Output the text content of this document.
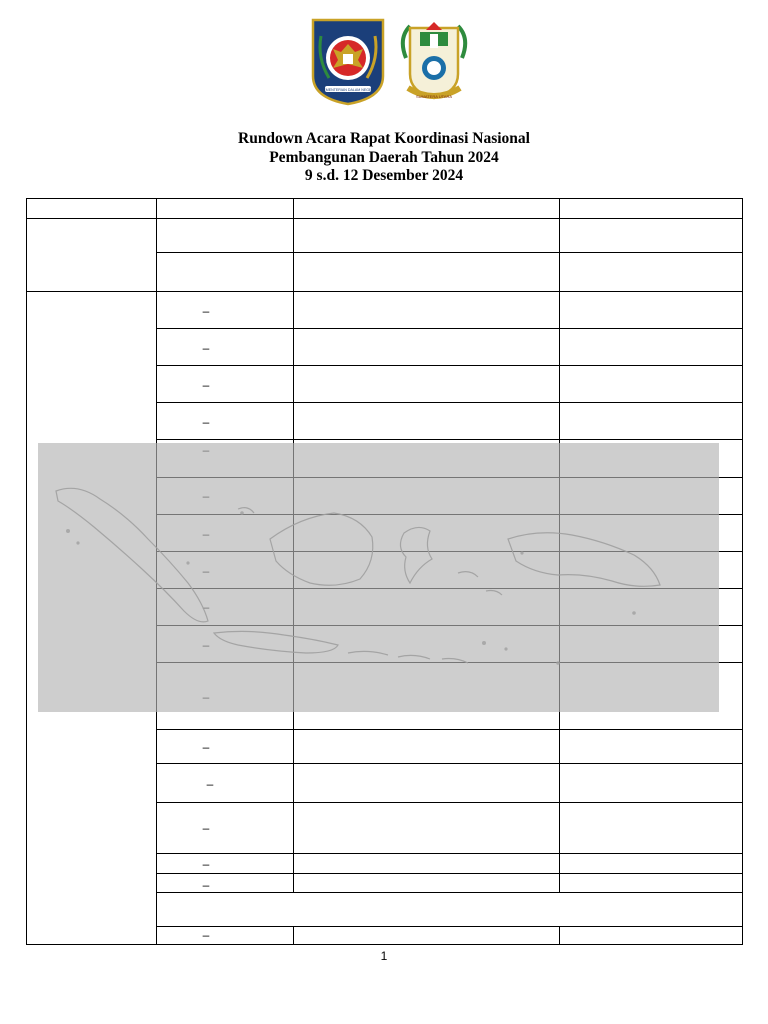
KEMENTERIAN DALAM NEGERI
SUMATERA UTARA
Rundown Acara Rapat Koordinasi Nasional
Pembangunan Daerah Tahun 2024
9 s.d. 12 Desember 2024
–
–
–
–
–
–
–
–
–
–
1
